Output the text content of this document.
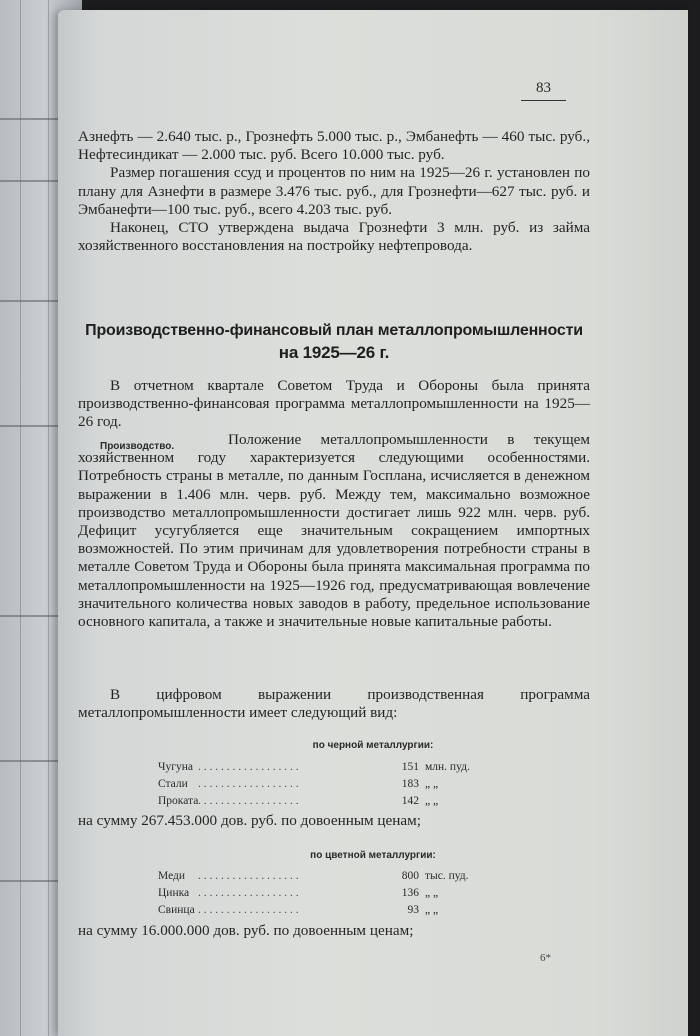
83

Азнефть — 2.640 тыс. р., Грознефть 5.000 тыс. р., Эмбанефть — 460 тыс. руб., Нефтесиндикат — 2.000 тыс. руб. Всего 10.000 тыс. руб.

Размер погашения ссуд и процентов по ним на 1925—26 г. установлен по плану для Азнефти в размере 3.476 тыс. руб., для Грознефти—627 тыс. руб. и Эмбанефти—100 тыс. руб., всего 4.203 тыс. руб.

Наконец, СТО утверждена выдача Грознефти 3 млн. руб. из займа хозяйственного восстановления на постройку нефтепровода.

Производственно-финансовый план металлопромышленности
на 1925—26 г.

В отчетном квартале Советом Труда и Обороны была принята производственно-финансовая программа металлопромышленности на 1925—26 год.

Производство.	Положение металлопромышленности в текущем хозяйственном году характеризуется следующими особенностями. Потребность страны в металле, по данным Госплана, исчисляется в денежном выражении в 1.406 млн. черв. руб. Между тем, максимально возможное производство металлопромышленности достигает лишь 922 млн. черв. руб. Дефицит усугубляется еще значительным сокращением импортных возможностей. По этим причинам для удовлетворения потребности страны в металле Советом Труда и Обороны была принята максимальная программа по металлопромышленности на 1925—1926 год, предусматривающая вовлечение значительного количества новых заводов в работу, предельное использование основного капитала, а также и значительные новые капитальные работы.

В цифровом выражении производственная программа металлопромышленности имеет следующий вид:

по черной металлургии:
Чугуна . . . . . . . . . . . . . . . . . .	151 млн. пуд.
Стали . . . . . . . . . . . . . . . . . .	183 „ „
Проката. . . . . . . . . . . . . . . . . .	142 „ „
на сумму 267.453.000 дов. руб. по довоенным ценам;
по цветной металлургии:
Меди . . . . . . . . . . . . . . . . . .	800 тыс. пуд.
Цинка . . . . . . . . . . . . . . . . . .	136 „ „
Свинца . . . . . . . . . . . . . . . . . .	93 „ „
на сумму 16.000.000 дов. руб. по довоенным ценам;
6*
